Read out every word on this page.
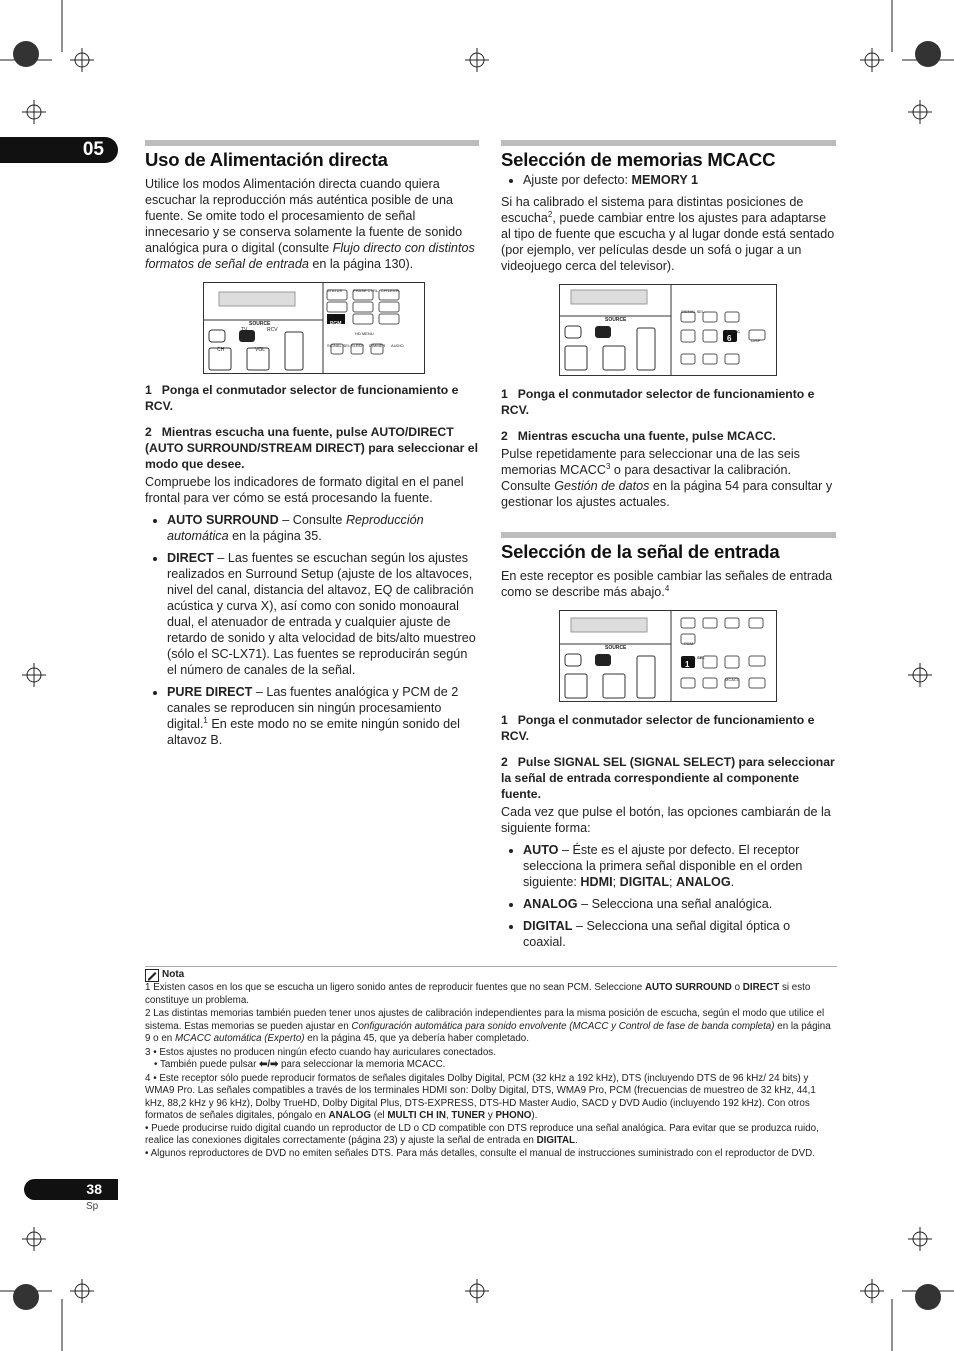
05 Uso de Alimentación directa

Utilice los modos Alimentación directa cuando quiera escuchar la reproducción más auténtica posible de una fuente. Se omite todo el procesamiento de señal innecesario y se conserva solamente la fuente de sonido analógica pura o digital (consulte Flujo directo con distintos formatos de señal de entrada en la página 130).

SOURCE
TV	RCV
CH	VOL
STATUS	PHASE CTRL CH LEVEL
PGM
HD MENU
SIGNAL SEL SLEEP DIMMER AUDIO
1 Ponga el conmutador selector de funcionamiento e RCV.
2 Mientras escucha una fuente, pulse AUTO/DIRECT (AUTO SURROUND/STREAM DIRECT) para seleccionar el modo que desee.

Compruebe los indicadores de formato digital en el panel frontal para ver cómo se está procesando la fuente.

• AUTO SURROUND – Consulte Reproducción automática en la página 35.
• DIRECT – Las fuentes se escuchan según los ajustes realizados en Surround Setup (ajuste de los altavoces, nivel del canal, distancia del altavoz, EQ de calibración acústica y curva X), así como con sonido monoaural dual, el atenuador de entrada y cualquier ajuste de retardo de sonido y alta velocidad de bits/alto muestreo (sólo el SC-LX71). Las fuentes se reproducirán según el número de canales de la señal.
• PURE DIRECT – Las fuentes analógica y PCM de 2 canales se reproducen sin ningún procesamiento digital.$^1$ En este modo no se emite ningún sonido del altavoz B.
Selección de memorias MCACC
• Ajuste por defecto: MEMORY 1

Si ha calibrado el sistema para distintas posiciones de escucha$^2$, puede cambiar entre los ajustes para adaptarse al tipo de fuente que escucha y al lugar donde está sentado (por ejemplo, ver películas desde un sofá o jugar a un videojuego cerca del televisor).

SOURCE
SIGNAL SEL
MCACC
6	DISP
1 Ponga el conmutador selector de funcionamiento e RCV.
2 Mientras escucha una fuente, pulse MCACC.

Pulse repetidamente para seleccionar una de las seis memorias MCACC$^3$ o para desactivar la calibración. Consulte Gestión de datos en la página 54 para consultar y gestionar los ajustes actuales.

Selección de la señal de entrada

En este receptor es posible cambiar las señales de entrada como se describe más abajo.$^4$

SOURCE
SIGNAL SEL
1
PGM
MCACC
1 Ponga el conmutador selector de funcionamiento e RCV.
2 Pulse SIGNAL SEL (SIGNAL SELECT) para seleccionar la señal de entrada correspondiente al componente fuente.

Cada vez que pulse el botón, las opciones cambiarán de la siguiente forma:

• AUTO – Éste es el ajuste por defecto. El receptor selecciona la primera señal disponible en el orden siguiente: HDMI; DIGITAL; ANALOG.
• ANALOG – Selecciona una señal analógica.
• DIGITAL – Selecciona una señal digital óptica o coaxial.
Nota
1 Existen casos en los que se escucha un ligero sonido antes de reproducir fuentes que no sean PCM. Seleccione AUTO SURROUND o DIRECT si esto constituye un problema.
2 Las distintas memorias también pueden tener unos ajustes de calibración independientes para la misma posición de escucha, según el modo que utilice el sistema. Estas memorias se pueden ajustar en Configuración automática para sonido envolvente (MCACC y Control de fase de banda completa) en la página 9 o en MCACC automática (Experto) en la página 45, que ya debería haber completado.
3 • Estos ajustes no producen ningún efecto cuando hay auriculares conectados.
• También puede pulsar ⬅/➡ para seleccionar la memoria MCACC.
4 • Este receptor sólo puede reproducir formatos de señales digitales Dolby Digital, PCM (32 kHz a 192 kHz), DTS (incluyendo DTS de 96 kHz/ 24 bits) y WMA9 Pro. Las señales compatibles a través de los terminales HDMI son: Dolby Digital, DTS, WMA9 Pro, PCM (frecuencias de muestreo de 32 kHz, 44,1 kHz, 88,2 kHz y 96 kHz), Dolby TrueHD, Dolby Digital Plus, DTS-EXPRESS, DTS-HD Master Audio, SACD y DVD Audio (incluyendo 192 kHz). Con otros formatos de señales digitales, póngalo en ANALOG (el MULTI CH IN, TUNER y PHONO).
• Puede producirse ruido digital cuando un reproductor de LD o CD compatible con DTS reproduce una señal analógica. Para evitar que se produzca ruido, realice las conexiones digitales correctamente (página 23) y ajuste la señal de entrada en DIGITAL.
• Algunos reproductores de DVD no emiten señales DTS. Para más detalles, consulte el manual de instrucciones suministrado con el reproductor de DVD.
38
Sp
